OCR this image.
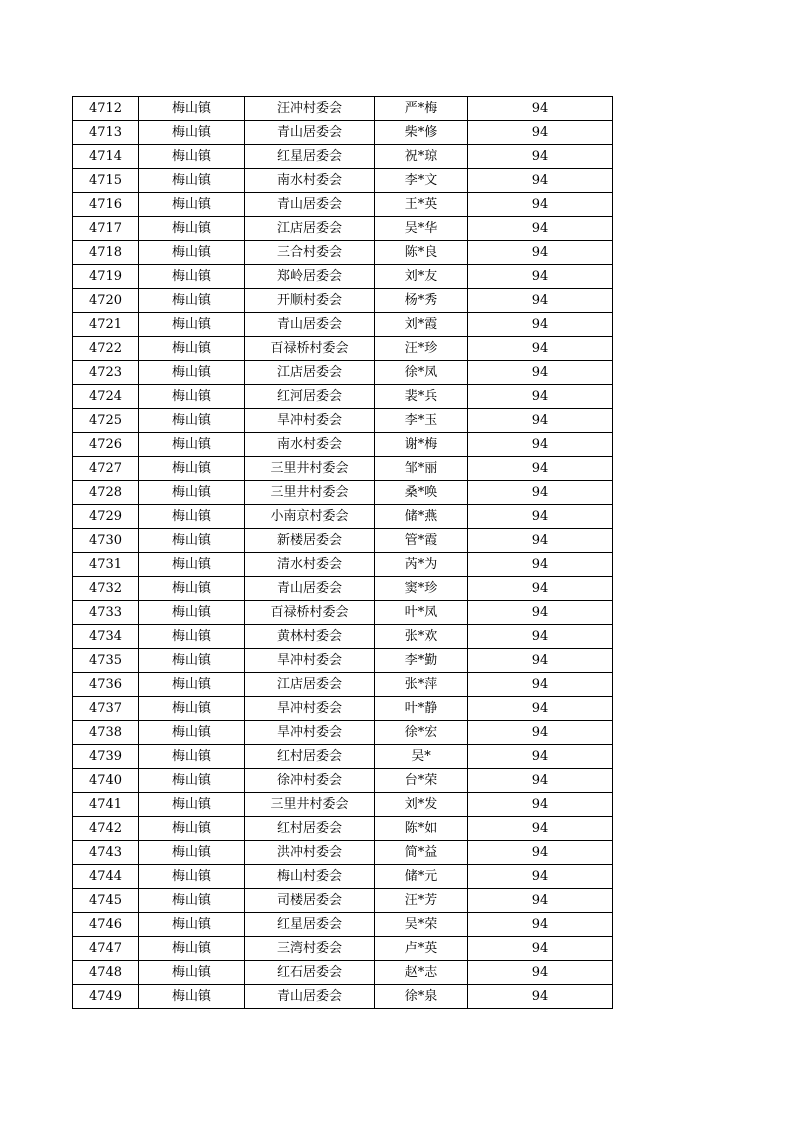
4712	梅山镇	汪冲村委会	严*梅	94
4713	梅山镇	青山居委会	柴*修	94
4714	梅山镇	红星居委会	祝*琼	94
4715	梅山镇	南水村委会	李*文	94
4716	梅山镇	青山居委会	王*英	94
4717	梅山镇	江店居委会	吴*华	94
4718	梅山镇	三合村委会	陈*良	94
4719	梅山镇	郑岭居委会	刘*友	94
4720	梅山镇	开顺村委会	杨*秀	94
4721	梅山镇	青山居委会	刘*霞	94
4722	梅山镇	百禄桥村委会	汪*珍	94
4723	梅山镇	江店居委会	徐*凤	94
4724	梅山镇	红河居委会	裴*兵	94
4725	梅山镇	旱冲村委会	李*玉	94
4726	梅山镇	南水村委会	谢*梅	94
4727	梅山镇	三里井村委会	邹*丽	94
4728	梅山镇	三里井村委会	桑*唤	94
4729	梅山镇	小南京村委会	储*燕	94
4730	梅山镇	新楼居委会	管*霞	94
4731	梅山镇	清水村委会	芮*为	94
4732	梅山镇	青山居委会	窦*珍	94
4733	梅山镇	百禄桥村委会	叶*凤	94
4734	梅山镇	黄林村委会	张*欢	94
4735	梅山镇	旱冲村委会	李*勤	94
4736	梅山镇	江店居委会	张*萍	94
4737	梅山镇	旱冲村委会	叶*静	94
4738	梅山镇	旱冲村委会	徐*宏	94
4739	梅山镇	红村居委会	吴*	94
4740	梅山镇	徐冲村委会	台*荣	94
4741	梅山镇	三里井村委会	刘*发	94
4742	梅山镇	红村居委会	陈*如	94
4743	梅山镇	洪冲村委会	简*益	94
4744	梅山镇	梅山村委会	储*元	94
4745	梅山镇	司楼居委会	汪*芳	94
4746	梅山镇	红星居委会	吴*荣	94
4747	梅山镇	三湾村委会	卢*英	94
4748	梅山镇	红石居委会	赵*志	94
4749	梅山镇	青山居委会	徐*泉	94
